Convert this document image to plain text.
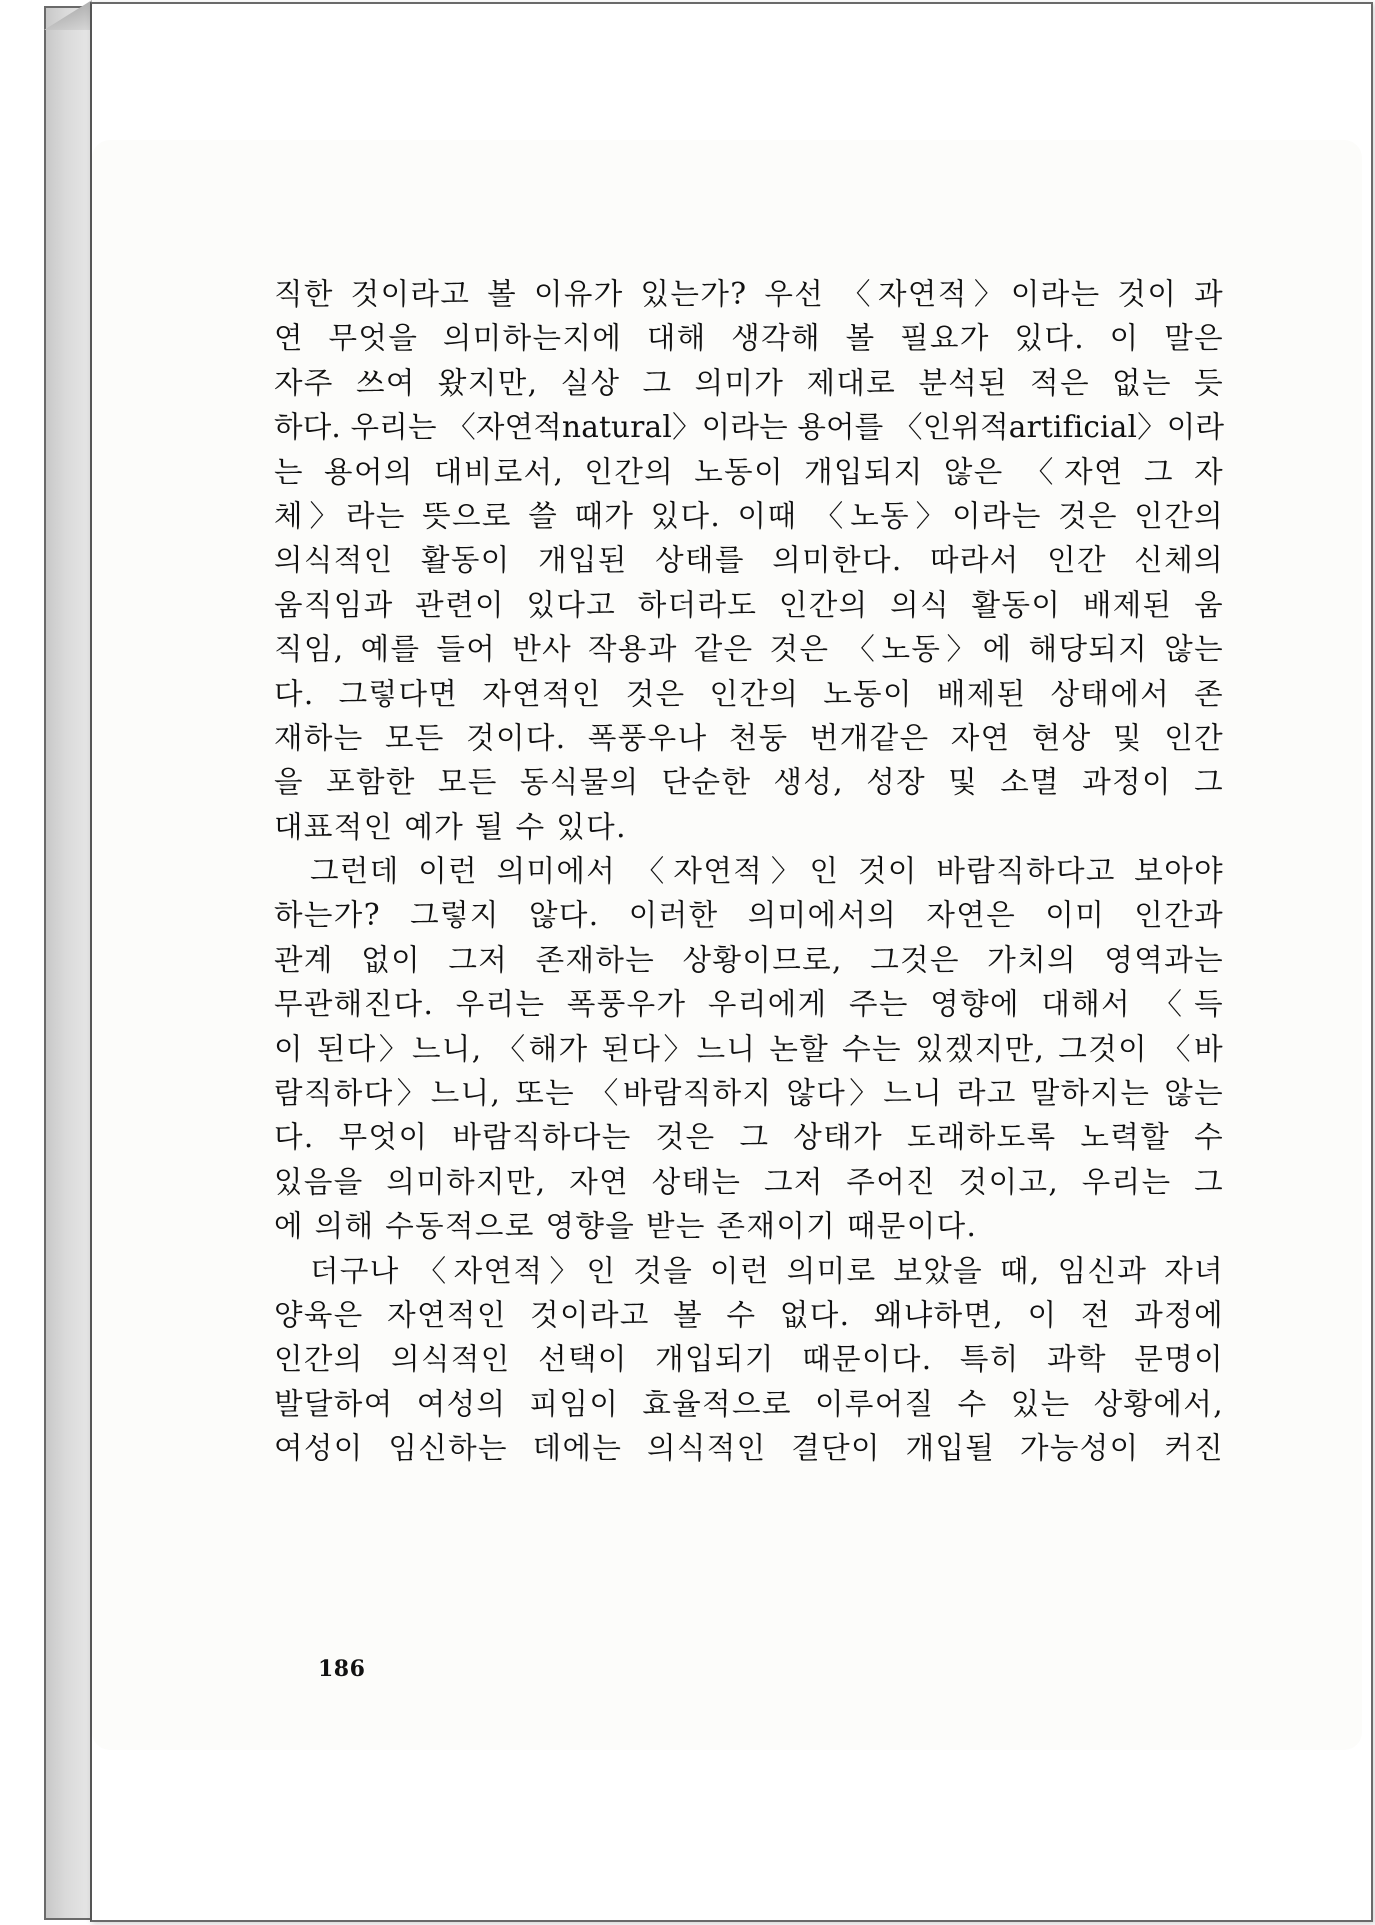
직한 것이라고 볼 이유가 있는가? 우선 〈자연적〉이라는 것이 과
연 무엇을 의미하는지에 대해 생각해 볼 필요가 있다. 이 말은
자주 쓰여 왔지만, 실상 그 의미가 제대로 분석된 적은 없는 듯
하다. 우리는 〈자연적natural〉이라는 용어를 〈인위적artificial〉이라
는 용어의 대비로서, 인간의 노동이 개입되지 않은 〈자연 그 자
체〉라는 뜻으로 쓸 때가 있다. 이때 〈노동〉이라는 것은 인간의
의식적인 활동이 개입된 상태를 의미한다. 따라서 인간 신체의
움직임과 관련이 있다고 하더라도 인간의 의식 활동이 배제된 움
직임, 예를 들어 반사 작용과 같은 것은 〈노동〉에 해당되지 않는
다. 그렇다면 자연적인 것은 인간의 노동이 배제된 상태에서 존
재하는 모든 것이다. 폭풍우나 천둥 번개같은 자연 현상 및 인간
을 포함한 모든 동식물의 단순한 생성, 성장 및 소멸 과정이 그
대표적인 예가 될 수 있다.
그런데 이런 의미에서 〈자연적〉인 것이 바람직하다고 보아야
하는가? 그렇지 않다. 이러한 의미에서의 자연은 이미 인간과
관계 없이 그저 존재하는 상황이므로, 그것은 가치의 영역과는
무관해진다. 우리는 폭풍우가 우리에게 주는 영향에 대해서 〈득
이 된다〉느니, 〈해가 된다〉느니 논할 수는 있겠지만, 그것이 〈바
람직하다〉느니, 또는 〈바람직하지 않다〉느니 라고 말하지는 않는
다. 무엇이 바람직하다는 것은 그 상태가 도래하도록 노력할 수
있음을 의미하지만, 자연 상태는 그저 주어진 것이고, 우리는 그
에 의해 수동적으로 영향을 받는 존재이기 때문이다.
더구나 〈자연적〉인 것을 이런 의미로 보았을 때, 임신과 자녀
양육은 자연적인 것이라고 볼 수 없다. 왜냐하면, 이 전 과정에
인간의 의식적인 선택이 개입되기 때문이다. 특히 과학 문명이
발달하여 여성의 피임이 효율적으로 이루어질 수 있는 상황에서,
여성이 임신하는 데에는 의식적인 결단이 개입될 가능성이 커진
186
